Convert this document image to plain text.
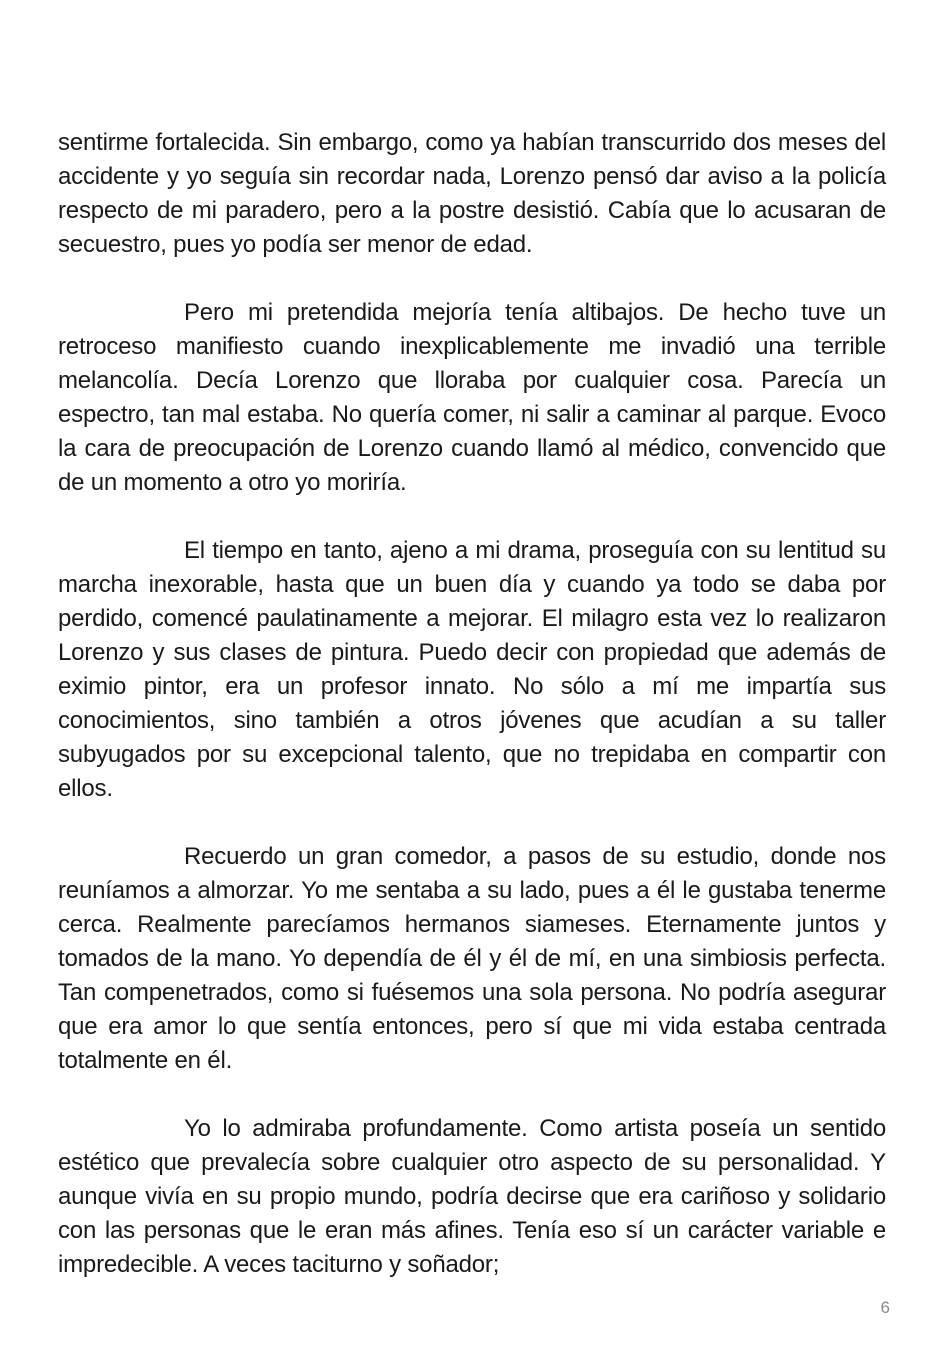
sentirme fortalecida. Sin embargo, como ya habían transcurrido dos meses del accidente y yo seguía sin recordar nada, Lorenzo pensó dar aviso a la policía respecto de mi paradero, pero a la postre desistió. Cabía que lo acusaran de secuestro, pues yo podía ser menor de edad.

Pero mi pretendida mejoría tenía altibajos. De hecho tuve un retroceso manifiesto cuando inexplicablemente me invadió una terrible melancolía. Decía Lorenzo que lloraba por cualquier cosa. Parecía un espectro, tan mal estaba. No quería comer, ni salir a caminar al parque. Evoco la cara de preocupación de Lorenzo cuando llamó al médico, convencido que de un momento a otro yo moriría.

El tiempo en tanto, ajeno a mi drama, proseguía con su lentitud su marcha inexorable, hasta que un buen día y cuando ya todo se daba por perdido, comencé paulatinamente a mejorar. El milagro esta vez lo realizaron Lorenzo y sus clases de pintura. Puedo decir con propiedad que además de eximio pintor, era un profesor innato. No sólo a mí me impartía sus conocimientos, sino también a otros jóvenes que acudían a su taller subyugados por su excepcional talento, que no trepidaba en compartir con ellos.

Recuerdo un gran comedor, a pasos de su estudio, donde nos reuníamos a almorzar. Yo me sentaba a su lado, pues a él le gustaba tenerme cerca. Realmente parecíamos hermanos siameses. Eternamente juntos y tomados de la mano. Yo dependía de él y él de mí, en una simbiosis perfecta. Tan compenetrados, como si fuésemos una sola persona. No podría asegurar que era amor lo que sentía entonces, pero sí que mi vida estaba centrada totalmente en él.

Yo lo admiraba profundamente. Como artista poseía un sentido estético que prevalecía sobre cualquier otro aspecto de su personalidad. Y aunque vivía en su propio mundo, podría decirse que era cariñoso y solidario con las personas que le eran más afines. Tenía eso sí un carácter variable e impredecible. A veces taciturno y soñador;

6
